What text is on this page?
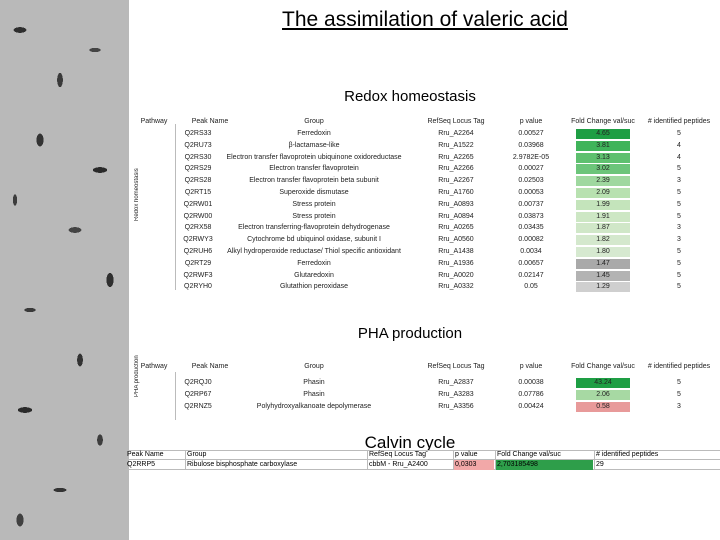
The assimilation of valeric acid
Redox homeostasis
Redox homeostasis
Pathway	Peak Name	Group	RefSeq Locus Tag	p value	Fold Change val/suc # identified peptides
Q2RS33	Ferredoxin	Rru_A2264	0.00527	4.65	5
Q2RU73	β-lactamase-like	Rru_A1522	0.03968	3.81	4
Q2RS30 Electron transfer flavoprotein ubiquinone oxidoreductase	Rru_A2265	2.9782E-05	3.13	4
Q2RS29	Electron transfer flavoprotein	Rru_A2266	0.00027	3.02	5
Q2RS28	Electron transfer flavoprotein beta subunit	Rru_A2267	0.02503	2.39	3
Q2RT15	Superoxide dismutase	Rru_A1760	0.00053	2.09	5
Q2RW01	Stress protein	Rru_A0893	0.00737	1.99	5
Q2RW00	Stress protein	Rru_A0894	0.03873	1.91	5
Q2RX58	Electron transferring-flavoprotein dehydrogenase	Rru_A0265	0.03435	1.87	3
Q2RWY3	Cytochrome bd ubiquinol oxidase, subunit I	Rru_A0560	0.00082	1.82	3
Q2RUH6 Alkyl hydroperoxide reductase/ Thiol specific antioxidant	Rru_A1438	0.0034	1.80	5
Q2RT29	Ferredoxin	Rru_A1936	0.00657	1.47	5
Q2RWF3	Glutaredoxin	Rru_A0020	0.02147	1.45	5
Q2RYH0	Glutathion peroxidase	Rru_A0332	0.05	1.29	5
PHA production
PHA production Pathway	Peak Name	Group	RefSeq Locus Tag	p value	Fold Change val/suc # identified peptides
Q2RQJ0	Phasin	Rru_A2837	0.00038	43.24	5
Q2RP67	Phasin	Rru_A3283	0.07786	2.06	5
Q2RNZ5	Polyhydroxyalkanoate depolymerase	Rru_A3356	0.00424	0.58	3
Calvin cycle
Peak Name	Group	RefSeq Locus Tag	p value	Fold Change val/suc	# identified peptides
Q2RRP5	Ribulose bisphosphate carboxylase	cbbM - Rru_A2400	0,0303	2,703185498	29
